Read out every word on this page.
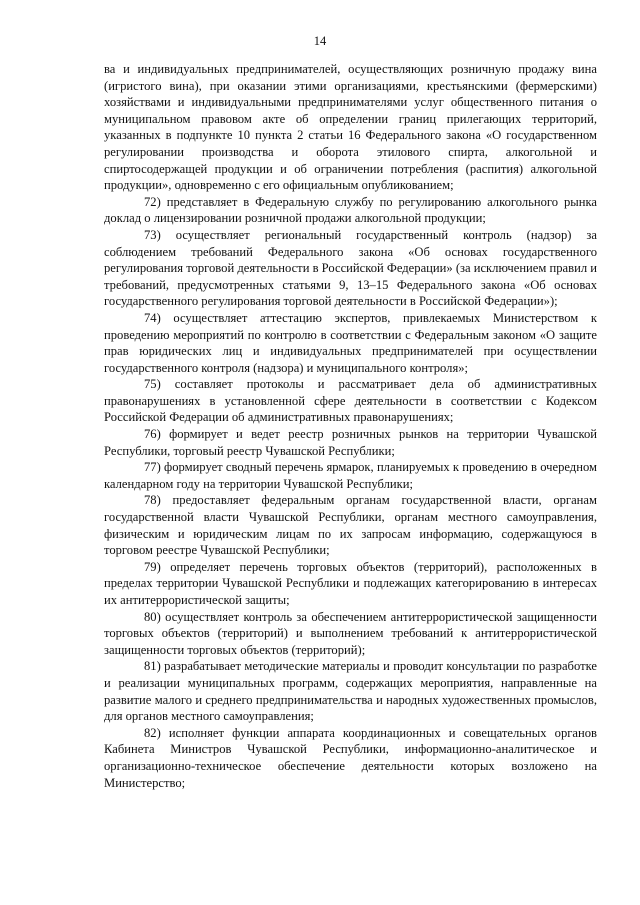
14

ва и индивидуальных предпринимателей, осуществляющих розничную продажу вина (игристого вина), при оказании этими организациями, крестьянскими (фермерскими) хозяйствами и индивидуальными предпринимателями услуг общественного питания о муниципальном правовом акте об определении границ прилегающих территорий, указанных в подпункте 10 пункта 2 статьи 16 Федерального закона «О государственном регулировании производства и оборота этилового спирта, алкогольной и спиртосодержащей продукции и об ограничении потребления (распития) алкогольной продукции», одновременно с его официальным опубликованием;

72) представляет в Федеральную службу по регулированию алкогольного рынка доклад о лицензировании розничной продажи алкогольной продукции;

73) осуществляет региональный государственный контроль (надзор) за соблюдением требований Федерального закона «Об основах государственного регулирования торговой деятельности в Российской Федерации» (за исключением правил и требований, предусмотренных статьями 9, 13–15 Федерального закона «Об основах государственного регулирования торговой деятельности в Российской Федерации»);

74) осуществляет аттестацию экспертов, привлекаемых Министерством к проведению мероприятий по контролю в соответствии с Федеральным законом «О защите прав юридических лиц и индивидуальных предпринимателей при осуществлении государственного контроля (надзора) и муниципального контроля»;

75) составляет протоколы и рассматривает дела об административных правонарушениях в установленной сфере деятельности в соответствии с Кодексом Российской Федерации об административных правонарушениях;

76) формирует и ведет реестр розничных рынков на территории Чувашской Республики, торговый реестр Чувашской Республики;

77) формирует сводный перечень ярмарок, планируемых к проведению в очередном календарном году на территории Чувашской Республики;

78) предоставляет федеральным органам государственной власти, органам государственной власти Чувашской Республики, органам местного самоуправления, физическим и юридическим лицам по их запросам информацию, содержащуюся в торговом реестре Чувашской Республики;

79) определяет перечень торговых объектов (территорий), расположенных в пределах территории Чувашской Республики и подлежащих категорированию в интересах их антитеррористической защиты;

80) осуществляет контроль за обеспечением антитеррористической защищенности торговых объектов (территорий) и выполнением требований к антитеррористической защищенности торговых объектов (территорий);

81) разрабатывает методические материалы и проводит консультации по разработке и реализации муниципальных программ, содержащих мероприятия, направленные на развитие малого и среднего предпринимательства и народных художественных промыслов, для органов местного самоуправления;

82) исполняет функции аппарата координационных и совещательных органов Кабинета Министров Чувашской Республики, информационно-аналитическое и организационно-техническое обеспечение деятельности которых возложено на Министерство;
